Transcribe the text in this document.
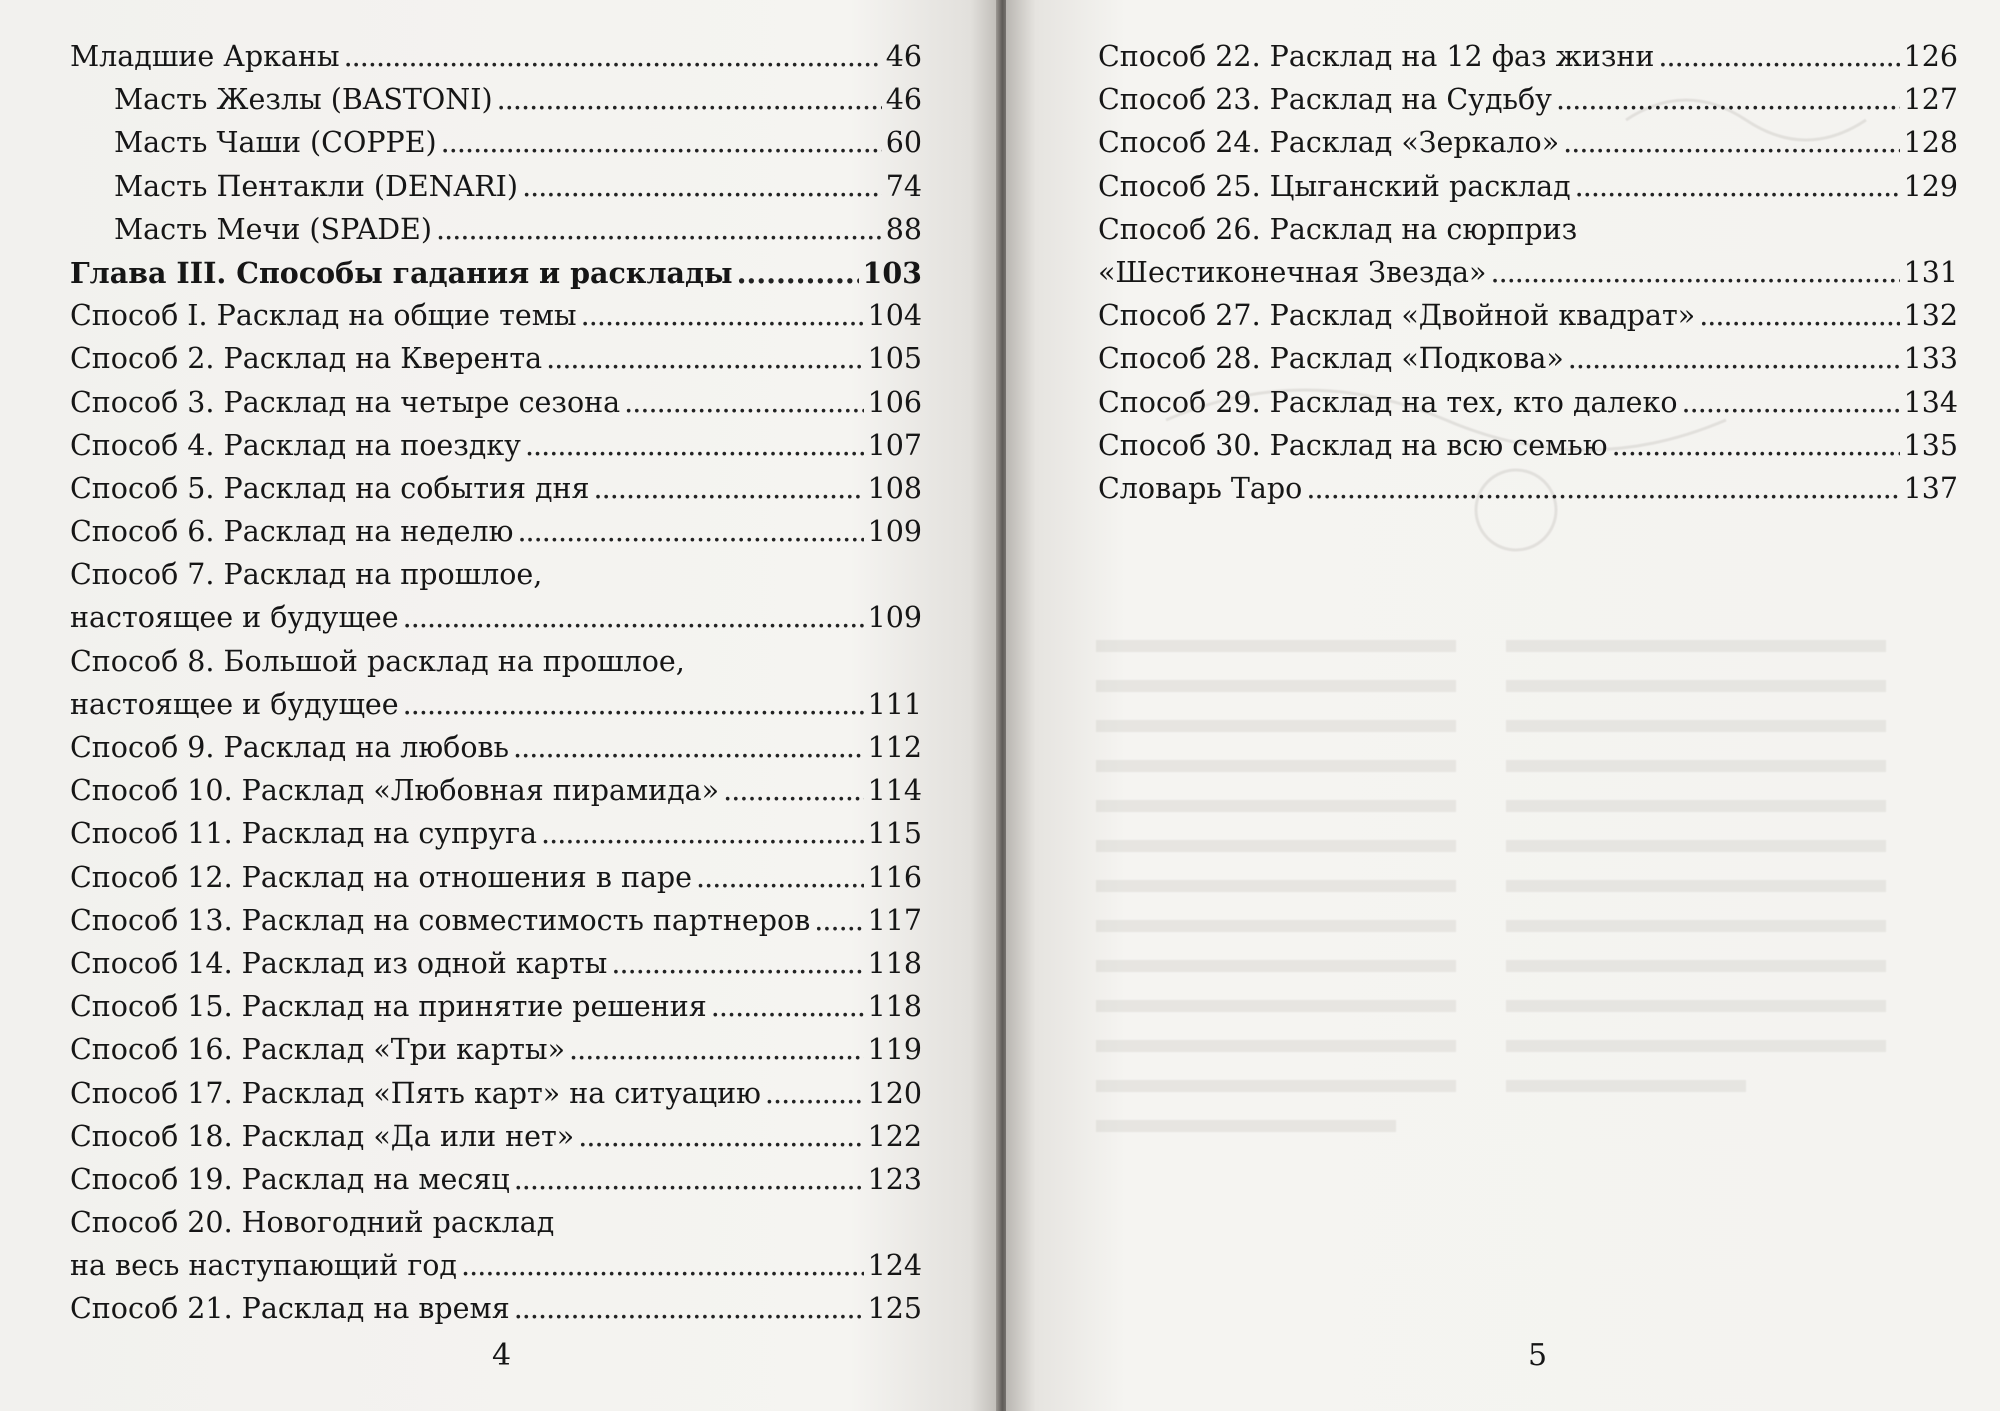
Младшие Арканы . . .	46
Масть Жезлы (BASTONI) . . .	46
Масть Чаши (COPPE) . . .	60
Масть Пентакли (DENARI) . . .	74
Масть Мечи (SPADE) . . .	88
Глава III. Способы гадания и расклады . . .	103
Способ I. Расклад на общие темы . . .	104
Способ 2. Расклад на Кверента . . .	105
Способ 3. Расклад на четыре сезона . . .	106
Способ 4. Расклад на поездку . . .	107
Способ 5. Расклад на события дня . . .	108
Способ 6. Расклад на неделю . . .	109
Способ 7. Расклад на прошлое,
настоящее и будущее . . .	109
Способ 8. Большой расклад на прошлое,
настоящее и будущее . . .	111
Способ 9. Расклад на любовь . . .	112
Способ 10. Расклад «Любовная пирамида» . . .	114
Способ 11. Расклад на супруга . . .	115
Способ 12. Расклад на отношения в паре . . .	116
Способ 13. Расклад на совместимость партнеров . . . 117
Способ 14. Расклад из одной карты . . .	118
Способ 15. Расклад на принятие решения . . .	118
Способ 16. Расклад «Три карты» . . .	119
Способ 17. Расклад «Пять карт» на ситуацию . . .	120
Способ 18. Расклад «Да или нет» . . .	122
Способ 19. Расклад на месяц . . .	123
Способ 20. Новогодний расклад
на весь наступающий год . . .	124
Способ 21. Расклад на время . . .	125
4
Способ 22. Расклад на 12 фаз жизни . . .	126
Способ 23. Расклад на Судьбу . . .	127
Способ 24. Расклад «Зеркало» . . .	128
Способ 25. Цыганский расклад . . .	129
Способ 26. Расклад на сюрприз
«Шестиконечная Звезда» . . .	131
Способ 27. Расклад «Двойной квадрат» . . .	132
Способ 28. Расклад «Подкова» . . .	133
Способ 29. Расклад на тех, кто далеко . . .	134
Способ 30. Расклад на всю семью . . .	135
Словарь Таро . . .	137
5
